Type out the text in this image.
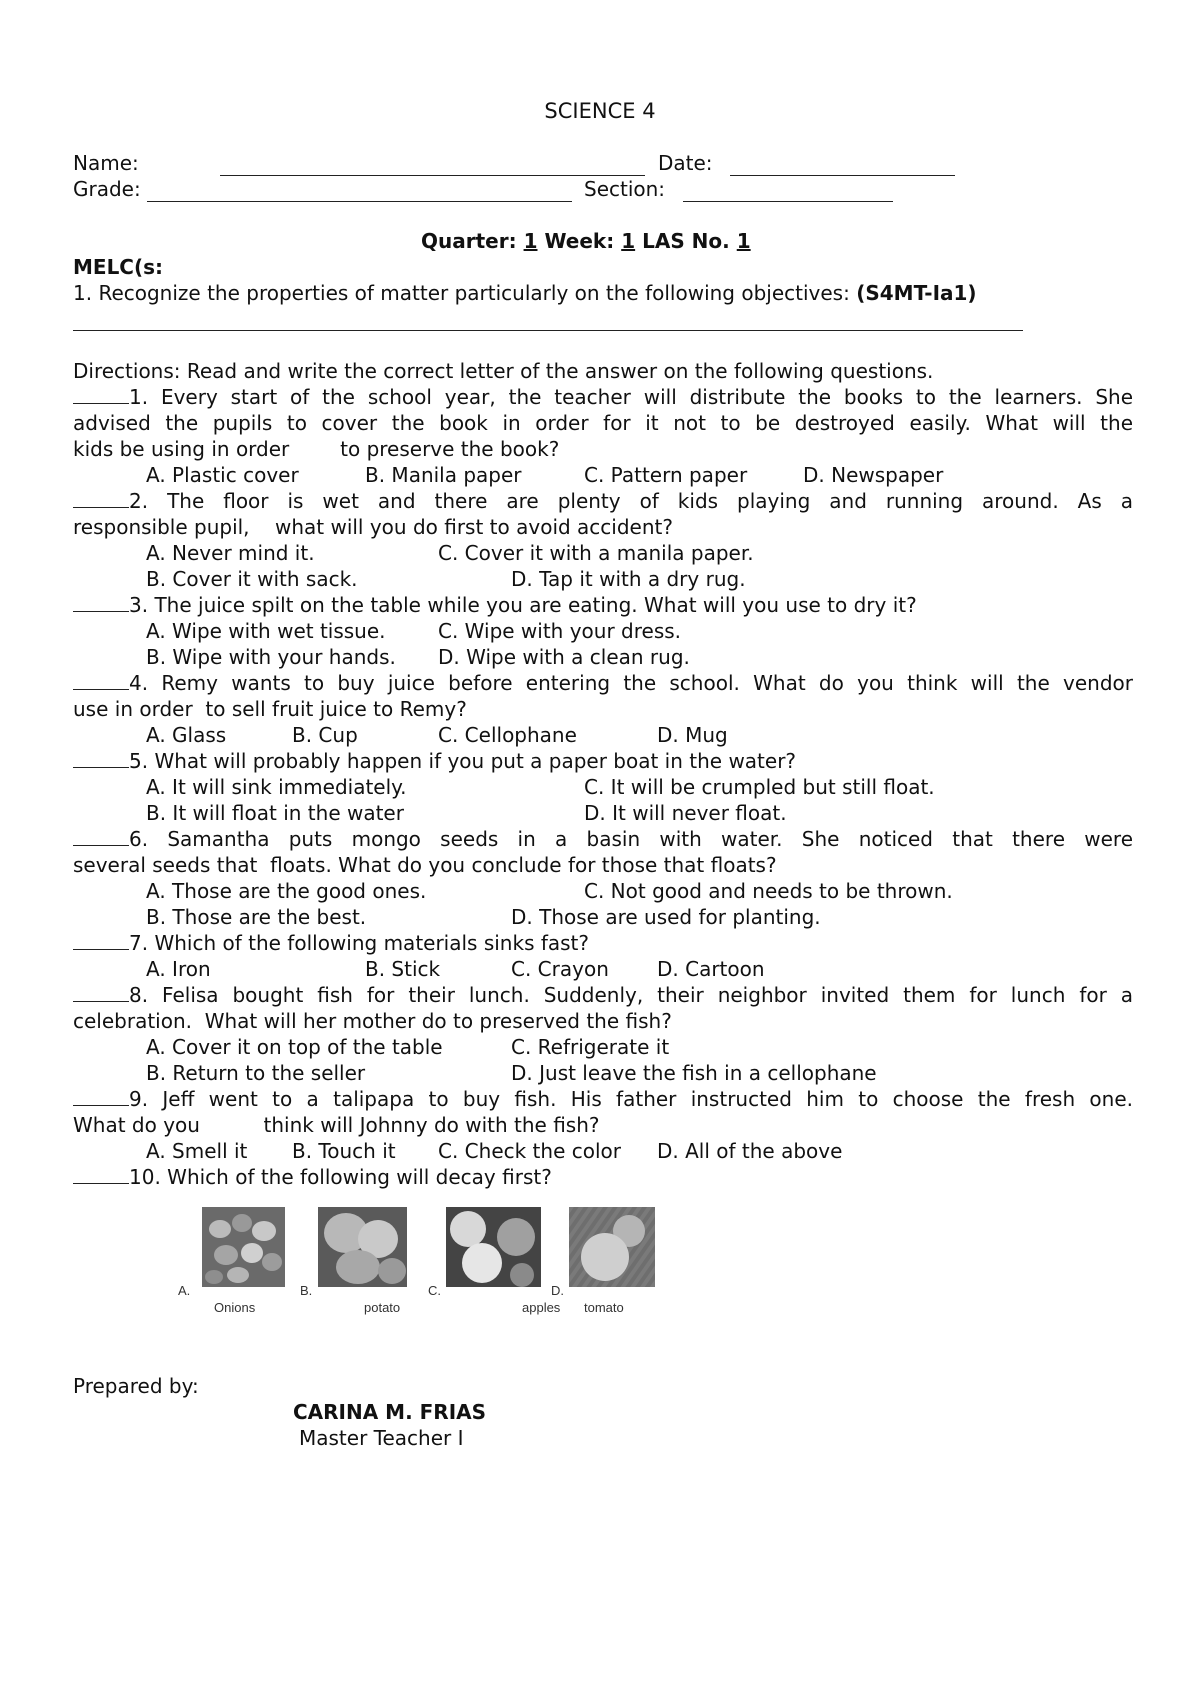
SCIENCE 4
Name:	Date:
Grade:	Section:
Quarter: 1 Week: 1 LAS No. 1
MELC(s:
1. Recognize the properties of matter particularly on the following objectives: (S4MT-Ia1)
Directions: Read and write the correct letter of the answer on the following questions.
1. Every start of the school year, the teacher will distribute the books to the learners. She
advised the pupils to cover the book in order for it not to be destroyed easily. What will the
kids be using in order        to preserve the book?
A. Plastic cover	B. Manila paper	C. Pattern paper	D. Newspaper
2. The floor is wet and there are plenty of kids playing and running around. As a
responsible pupil,    what will you do first to avoid accident?
A. Never mind it.	C. Cover it with a manila paper.
B. Cover it with sack.	D. Tap it with a dry rug.
3. The juice spilt on the table while you are eating. What will you use to dry it?
A. Wipe with wet tissue.	C. Wipe with your dress.
B. Wipe with your hands. D. Wipe with a clean rug.
4. Remy wants to buy juice before entering the school. What do you think will the vendor
use in order  to sell fruit juice to Remy?
A. Glass	B. Cup	C. Cellophane	D. Mug
5. What will probably happen if you put a paper boat in the water?
A. It will sink immediately.	C. It will be crumpled but still float.
B. It will float in the water	D. It will never float.
6. Samantha puts mongo seeds in a basin with water. She noticed that there were
several seeds that  floats. What do you conclude for those that floats?
A. Those are the good ones.	C. Not good and needs to be thrown.
B. Those are the best.	D. Those are used for planting.
7. Which of the following materials sinks fast?
A. Iron	B. Stick	C. Crayon D. Cartoon
8. Felisa bought fish for their lunch. Suddenly, their neighbor invited them for lunch for a
celebration.  What will her mother do to preserved the fish?
A. Cover it on top of the table	C. Refrigerate it
B. Return to the seller	D. Just leave the fish in a cellophane
9. Jeff went to a talipapa to buy fish. His father instructed him to choose the fresh one.
What do you          think will Johnny do with the fish?
A. Smell it B. Touch it C. Check the color D. All of the above
10. Which of the following will decay first?
A.	B.	C.	D.
Onions	potato	apples tomato
Prepared by:
CARINA M. FRIAS
Master Teacher I
